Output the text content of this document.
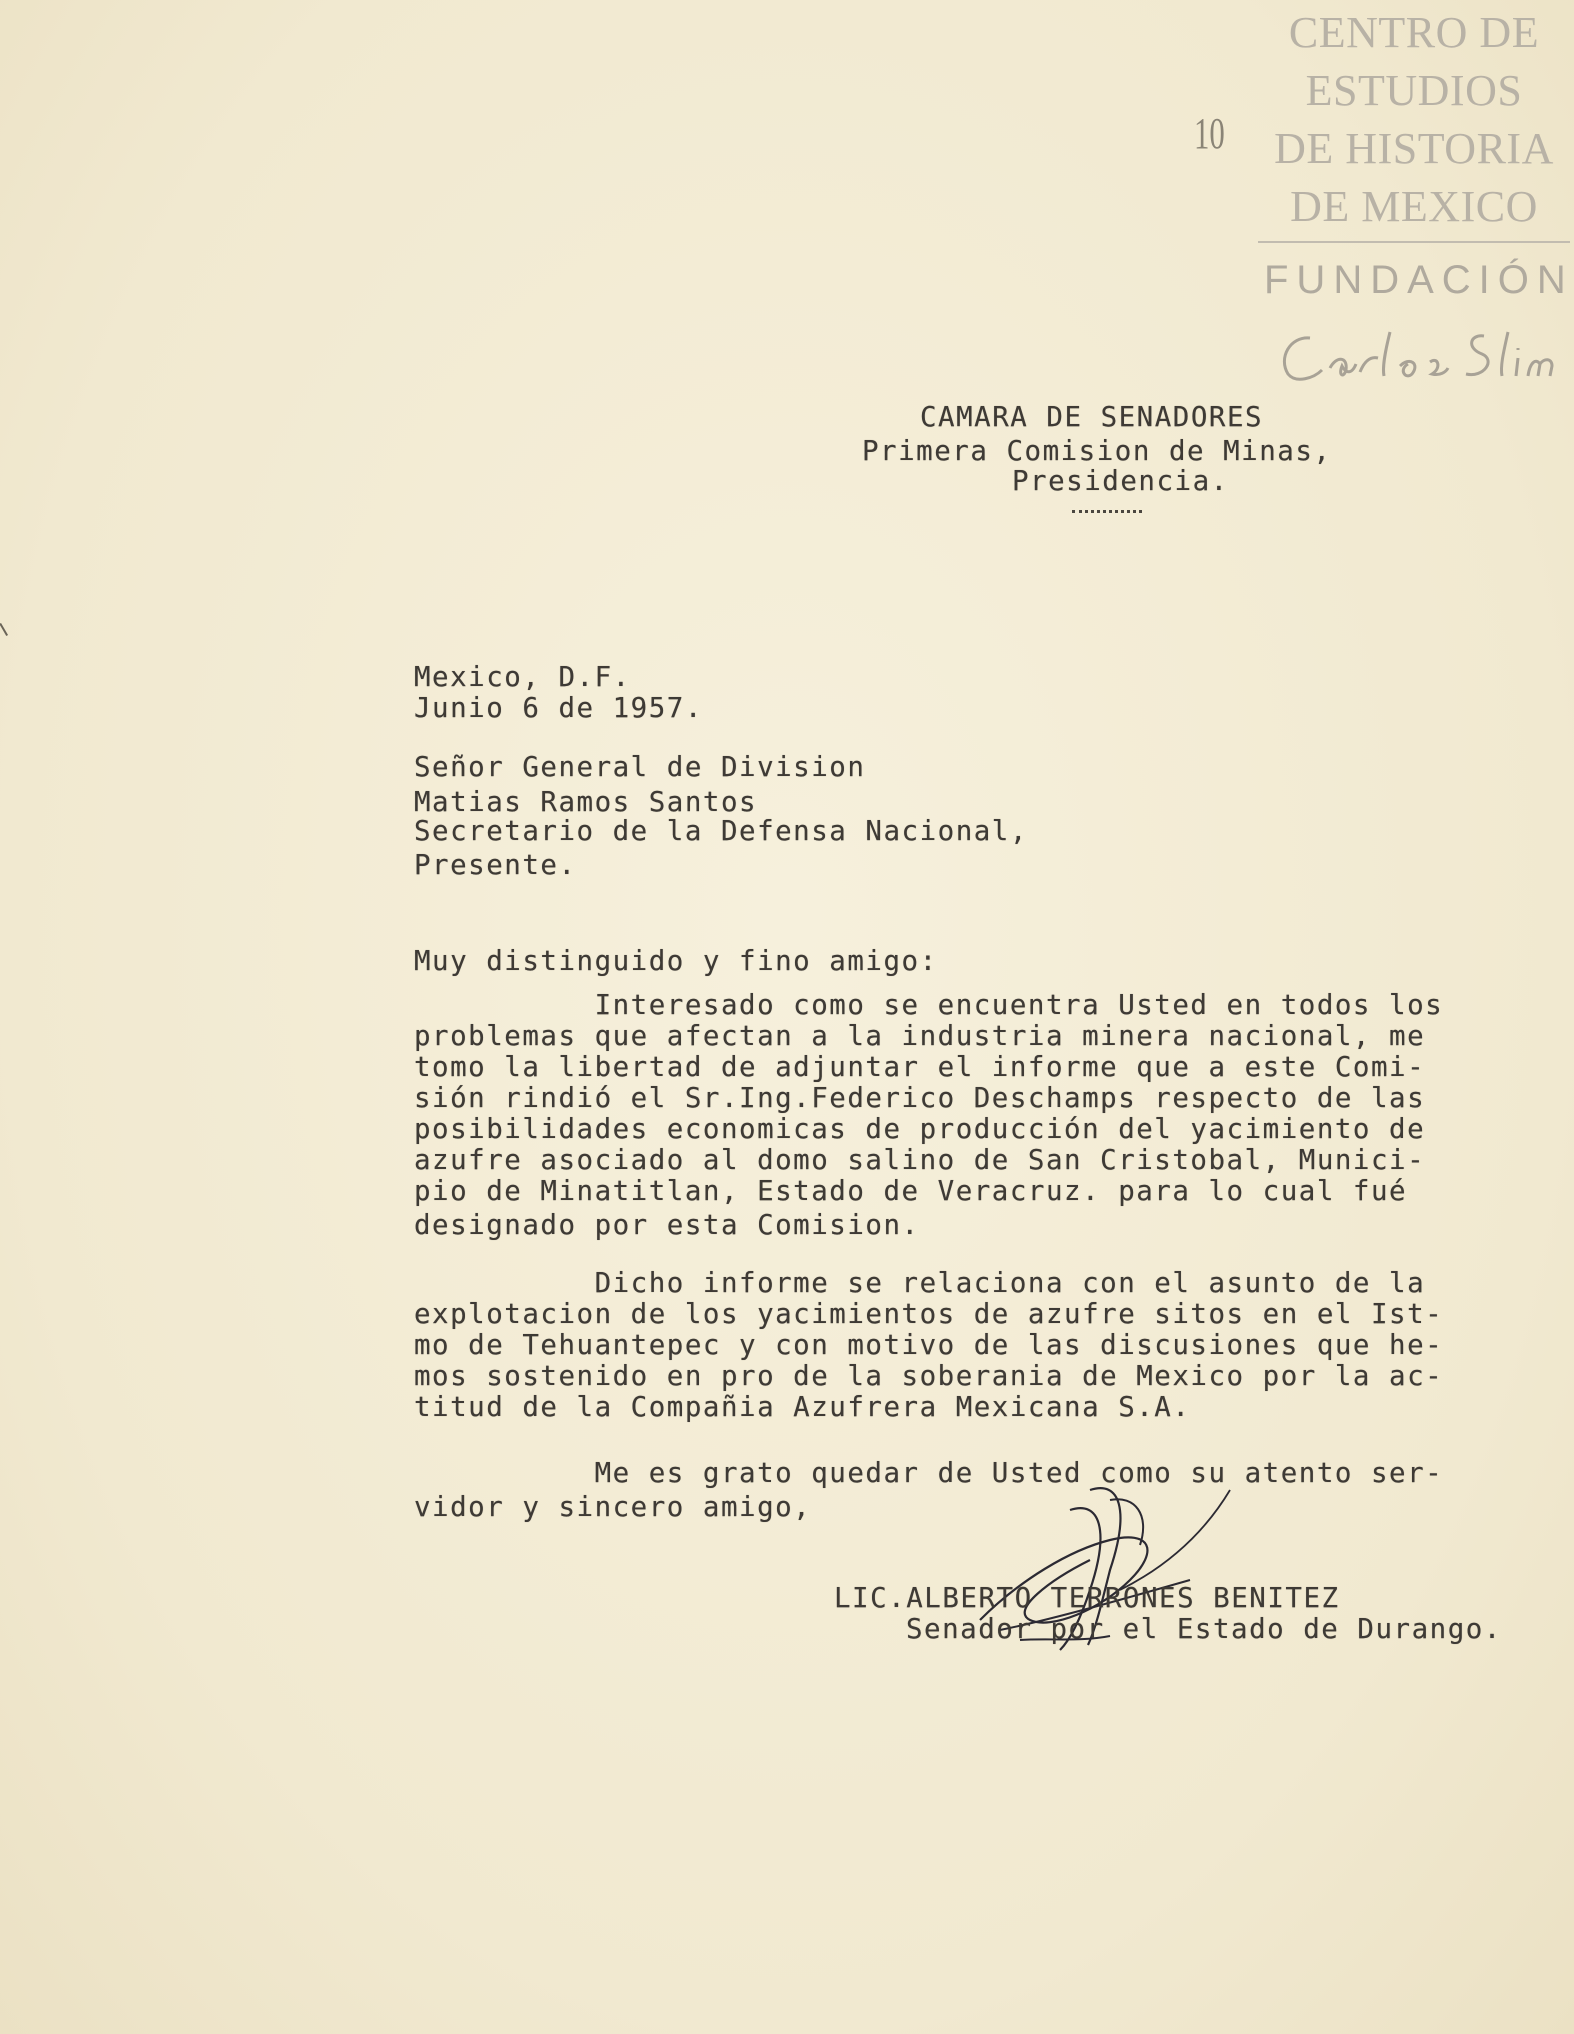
CENTRO DE
ESTUDIOS
DE HISTORIA
DE MEXICO
FUNDACIÓN
10
CAMARA DE SENADORES
Primera Comision de Minas,
Presidencia.
Mexico, D.F.
Junio 6 de 1957.
Señor General de Division
Matias Ramos Santos
Secretario de la Defensa Nacional,
Presente.
Muy distinguido y fino amigo:
Interesado como se encuentra Usted en todos los
problemas que afectan a la industria minera nacional, me
tomo la libertad de adjuntar el informe que a este Comi-
sión rindió el Sr.Ing.Federico Deschamps respecto de las
posibilidades economicas de producción del yacimiento de
azufre asociado al domo salino de San Cristobal, Munici-
pio de Minatitlan, Estado de Veracruz. para lo cual fué
designado por esta Comision.
Dicho informe se relaciona con el asunto de la
explotacion de los yacimientos de azufre sitos en el Ist-
mo de Tehuantepec y con motivo de las discusiones que he-
mos sostenido en pro de la soberania de Mexico por la ac-
titud de la Compañia Azufrera Mexicana S.A.
Me es grato quedar de Usted como su atento ser-
vidor y sincero amigo,
LIC.ALBERTO TERRONES BENITEZ
Senador por el Estado de Durango.
